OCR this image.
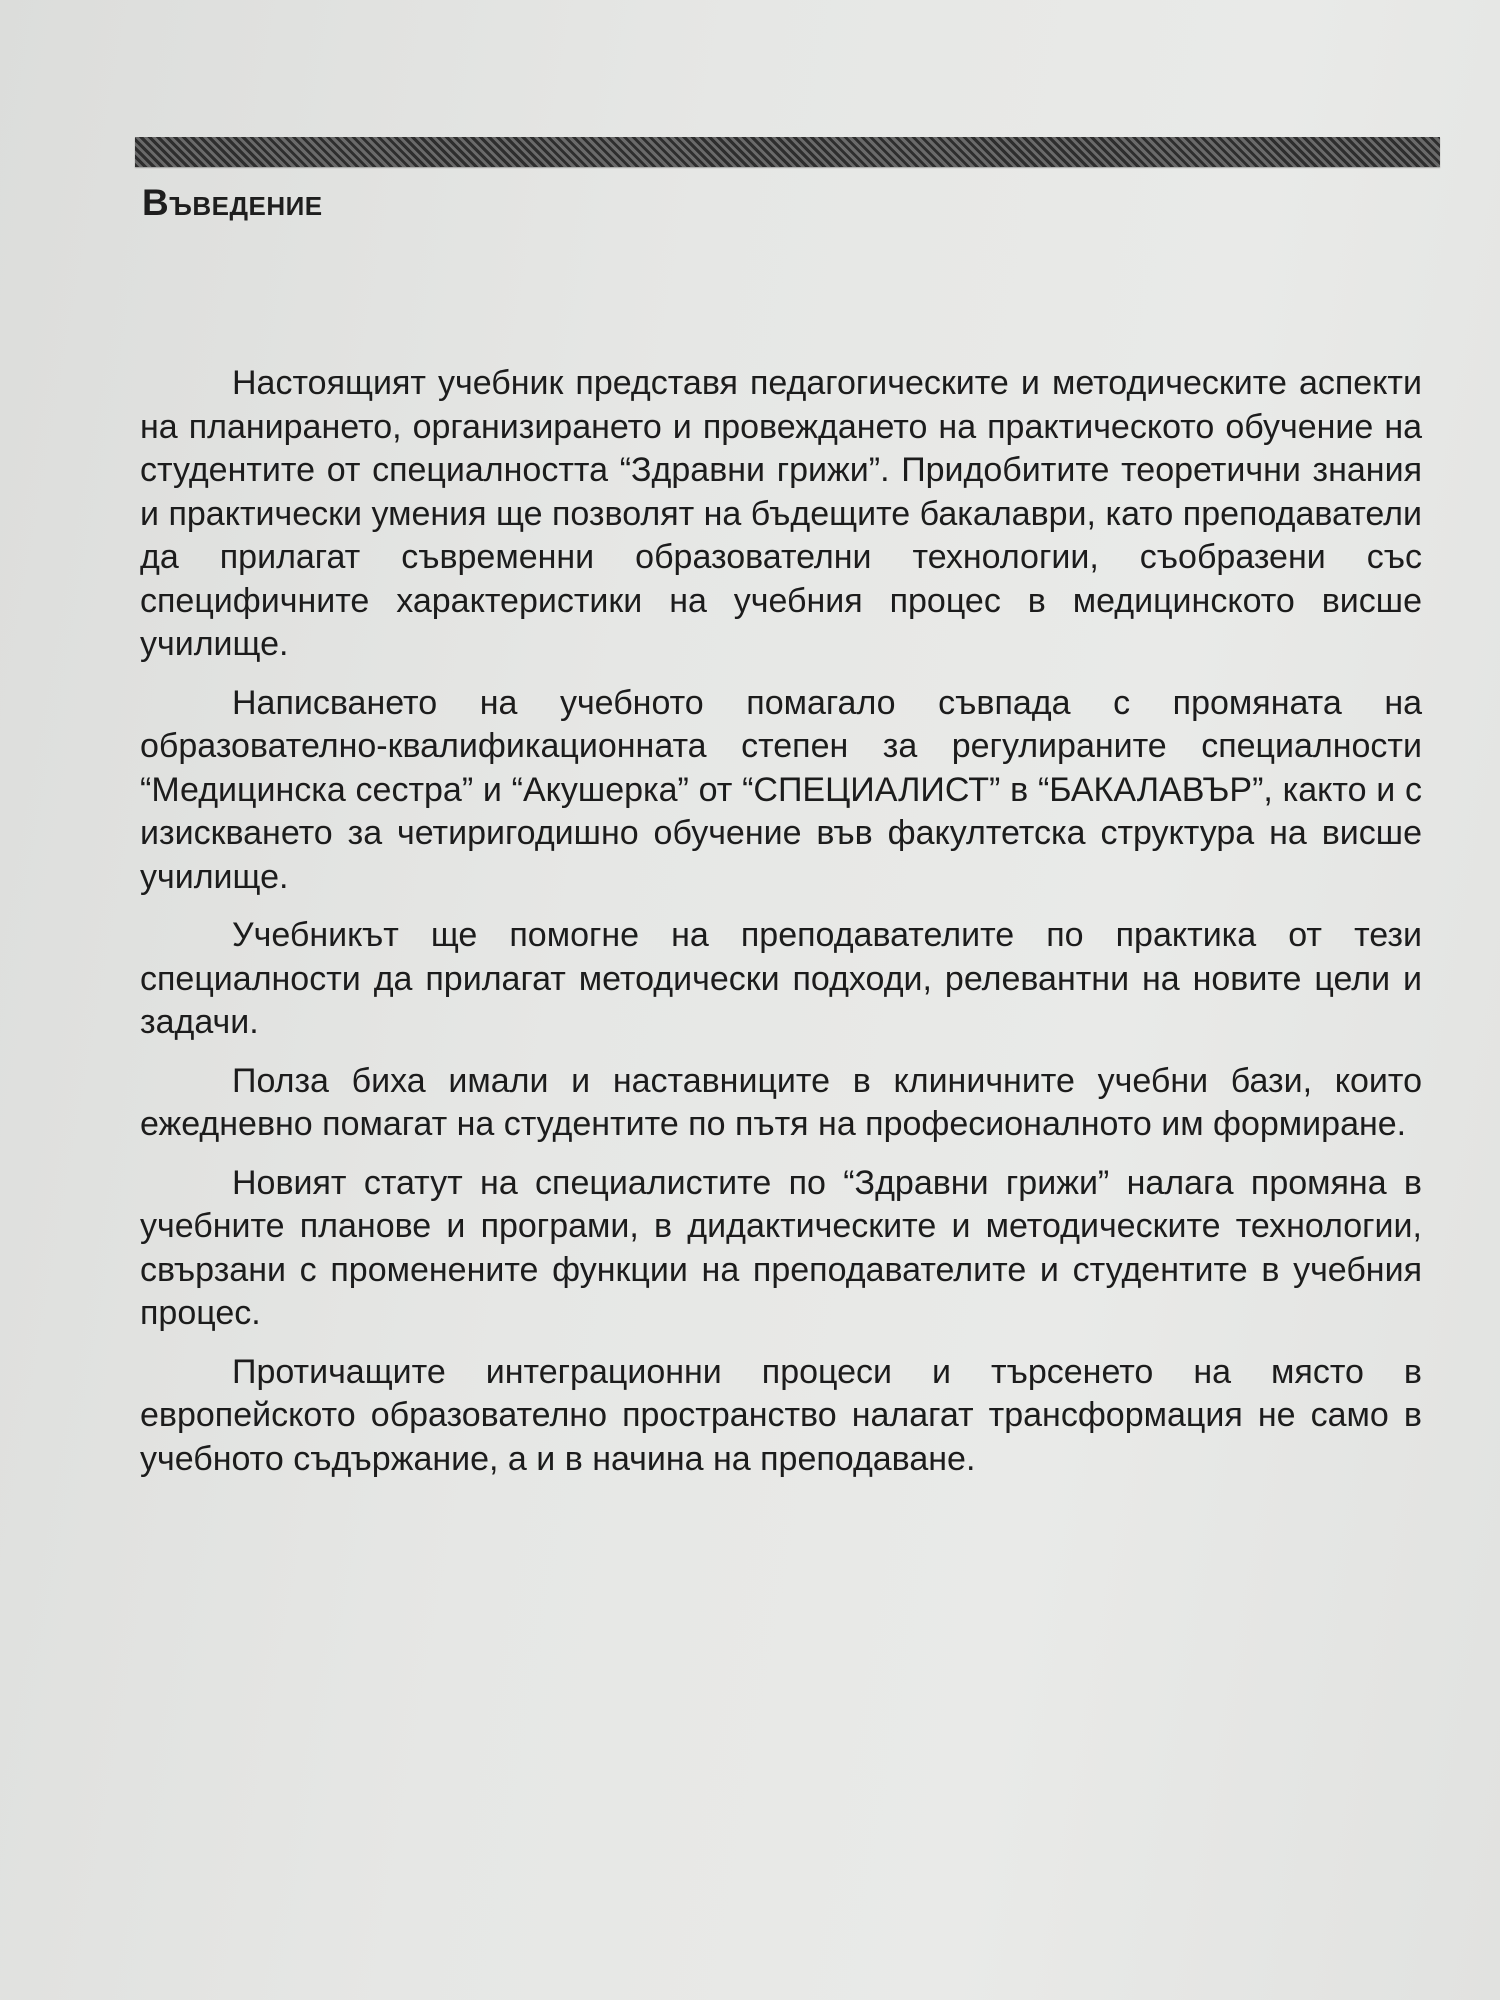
Въведение

Настоящият учебник представя педагогическите и методическите аспекти на планирането, организирането и провеждането на практическото обучение на студентите от специалността “Здравни грижи”. Придобитите теоретични знания и практически умения ще позволят на бъдещите бакалаври, като преподаватели да прилагат съвременни образователни технологии, съобразени със специфичните характеристики на учебния процес в медицинското висше училище.

Написването на учебното помагало съвпада с промяната на образователно-квалификационната степен за регулираните специалности “Медицинска сестра” и “Акушерка” от “СПЕЦИАЛИСТ” в “БАКАЛАВЪР”, както и с изискването за четиригодишно обучение във факултетска структура на висше училище.

Учебникът ще помогне на преподавателите по практика от тези специалности да прилагат методически подходи, релевантни на новите цели и задачи.

Полза биха имали и наставниците в клиничните учебни бази, които ежедневно помагат на студентите по пътя на професионалното им формиране.

Новият статут на специалистите по “Здравни грижи” налага промяна в учебните планове и програми, в дидактическите и методическите технологии, свързани с променените функции на преподавателите и студентите в учебния процес.

Протичащите интеграционни процеси и търсенето на място в европейското образователно пространство налагат трансформация не само в учебното съдържание, а и в начина на преподаване.
